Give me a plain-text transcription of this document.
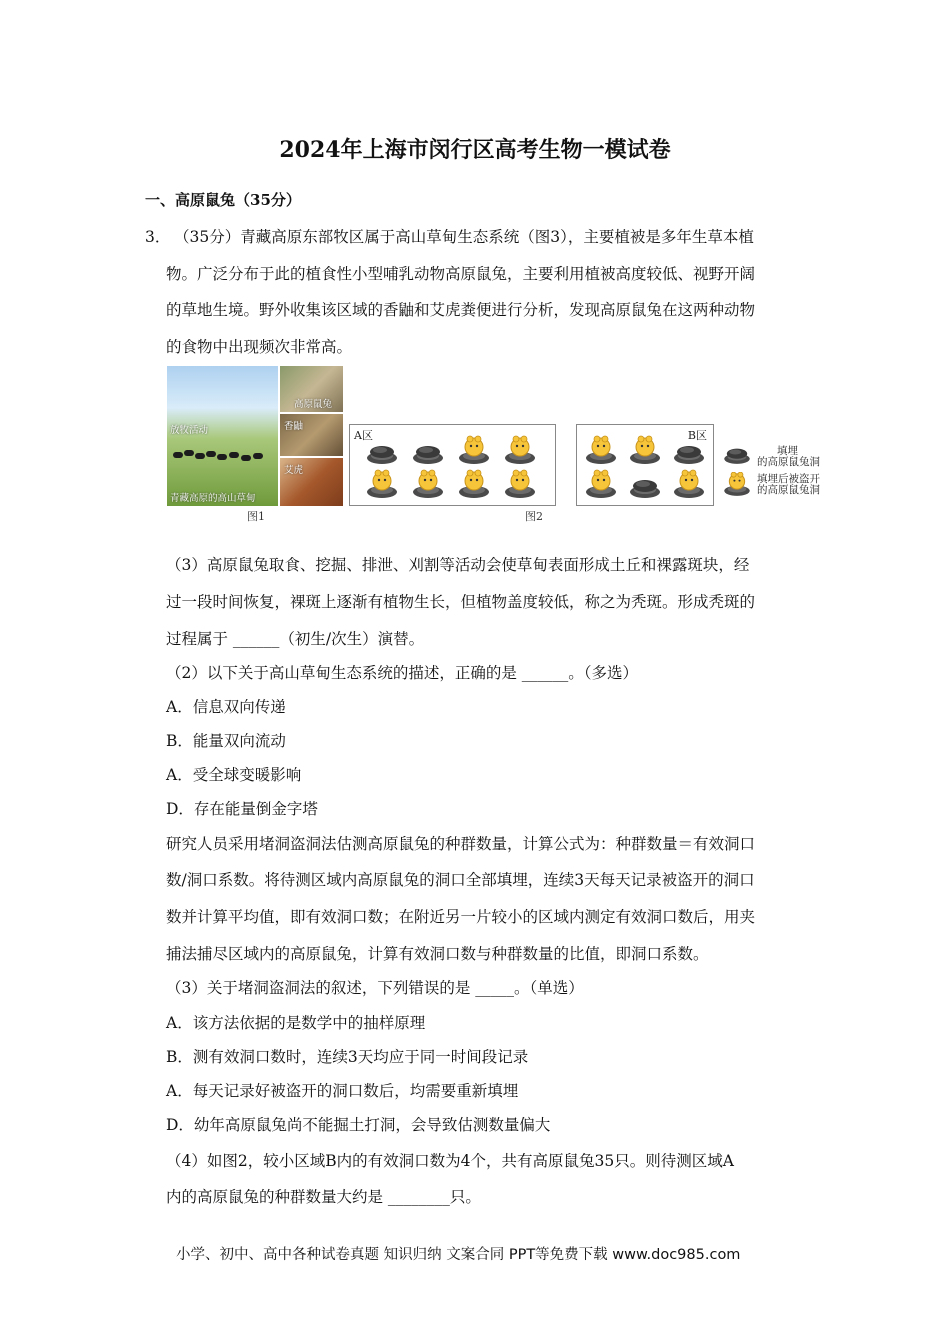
2024年上海市闵行区高考生物一模试卷
一、高原鼠兔（35分）
3． （35分）青藏高原东部牧区属于高山草甸生态系统（图3），主要植被是多年生草本植
物。广泛分布于此的植食性小型哺乳动物高原鼠兔，主要利用植被高度较低、视野开阔
的草地生境。野外收集该区域的香鼬和艾虎粪便进行分析，发现高原鼠兔在这两种动物
的食物中出现频次非常高。
放牧活动
青藏高原的高山草甸
高原鼠兔
香鼬
艾虎
图1
A区	B区
填埋
的高原鼠兔洞
填埋后被盗开
的高原鼠兔洞
图2
（3）高原鼠兔取食、挖掘、排泄、刈割等活动会使草甸表面形成土丘和裸露斑块，经
过一段时间恢复，裸斑上逐渐有植物生长，但植物盖度较低，称之为秃斑。形成秃斑的
过程属于 ______（初生/次生）演替。
（2）以下关于高山草甸生态系统的描述，正确的是 ______。（多选）
A．信息双向传递
B．能量双向流动
A．受全球变暖影响
D．存在能量倒金字塔
研究人员采用堵洞盗洞法估测高原鼠兔的种群数量，计算公式为：种群数量＝有效洞口
数/洞口系数。将待测区域内高原鼠兔的洞口全部填埋，连续3天每天记录被盗开的洞口
数并计算平均值，即有效洞口数；在附近另一片较小的区域内测定有效洞口数后，用夹
捕法捕尽区域内的高原鼠兔，计算有效洞口数与种群数量的比值，即洞口系数。
（3）关于堵洞盗洞法的叙述，下列错误的是 _____。（单选）
A．该方法依据的是数学中的抽样原理
B．测有效洞口数时，连续3天均应于同一时间段记录
A．每天记录好被盗开的洞口数后，均需要重新填埋
D．幼年高原鼠兔尚不能掘土打洞，会导致估测数量偏大
（4）如图2，较小区域B内的有效洞口数为4个，共有高原鼠兔35只。则待测区域A
内的高原鼠兔的种群数量大约是 ________只。
小学、初中、高中各种试卷真题 知识归纳 文案合同 PPT等免费下载 www.doc985.com
